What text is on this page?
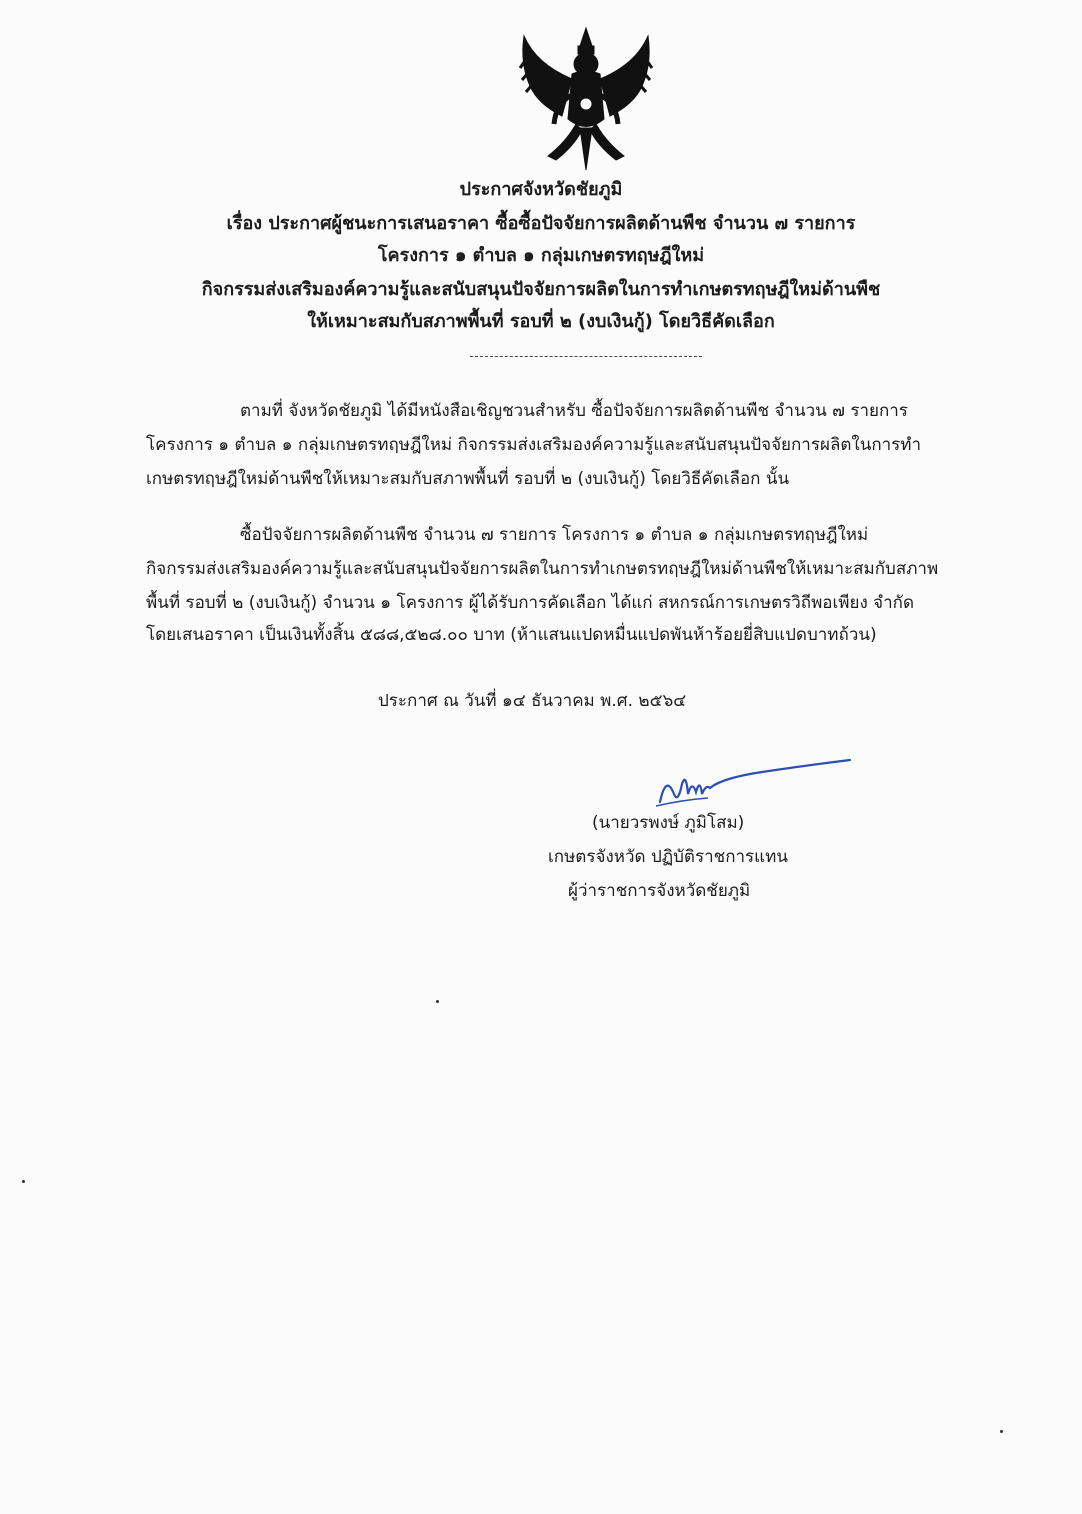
ประกาศจังหวัดชัยภูมิ
เรื่อง ประกาศผู้ชนะการเสนอราคา ซื้อซื้อปัจจัยการผลิตด้านพืช จำนวน ๗ รายการ
โครงการ ๑ ตำบล ๑ กลุ่มเกษตรทฤษฎีใหม่
กิจกรรมส่งเสริมองค์ความรู้และสนับสนุนปัจจัยการผลิตในการทำเกษตรทฤษฎีใหม่ด้านพืช
ให้เหมาะสมกับสภาพพื้นที่ รอบที่ ๒ (งบเงินกู้) โดยวิธีคัดเลือก
ตามที่ จังหวัดชัยภูมิ ได้มีหนังสือเชิญชวนสำหรับ ซื้อปัจจัยการผลิตด้านพืช จำนวน ๗ รายการ
โครงการ ๑ ตำบล ๑ กลุ่มเกษตรทฤษฎีใหม่ กิจกรรมส่งเสริมองค์ความรู้และสนับสนุนปัจจัยการผลิตในการทำ
เกษตรทฤษฎีใหม่ด้านพืชให้เหมาะสมกับสภาพพื้นที่ รอบที่ ๒ (งบเงินกู้) โดยวิธีคัดเลือก นั้น
ซื้อปัจจัยการผลิตด้านพืช จำนวน ๗ รายการ โครงการ ๑ ตำบล ๑ กลุ่มเกษตรทฤษฎีใหม่
กิจกรรมส่งเสริมองค์ความรู้และสนับสนุนปัจจัยการผลิตในการทำเกษตรทฤษฎีใหม่ด้านพืชให้เหมาะสมกับสภาพ
พื้นที่ รอบที่ ๒ (งบเงินกู้) จำนวน ๑ โครงการ ผู้ได้รับการคัดเลือก ได้แก่ สหกรณ์การเกษตรวิถีพอเพียง จำกัด
โดยเสนอราคา เป็นเงินทั้งสิ้น ๕๘๘,๕๒๘.๐๐ บาท (ห้าแสนแปดหมื่นแปดพันห้าร้อยยี่สิบแปดบาทถ้วน)
ประกาศ ณ วันที่ ๑๔ ธันวาคม พ.ศ. ๒๕๖๔
(นายวรพงษ์ ภูมิโสม)
เกษตรจังหวัด ปฏิบัติราชการแทน
ผู้ว่าราชการจังหวัดชัยภูมิ
